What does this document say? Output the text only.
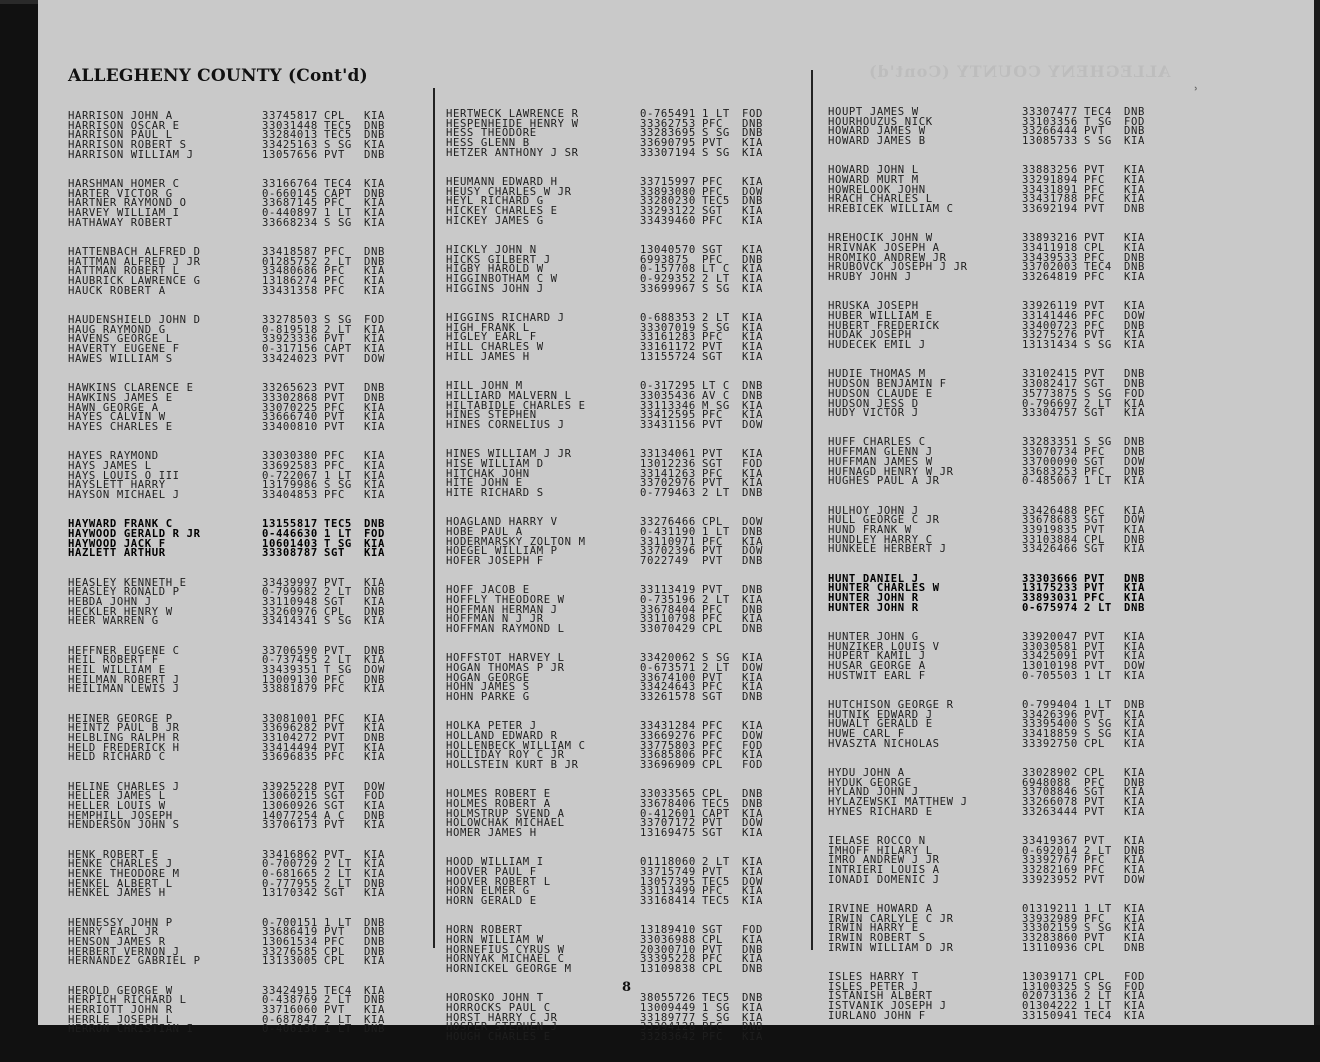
ALLEGHENY COUNTY (Cont'd)	ALLEGHENY COUNTY (Cont'd)
˒
HARRISON JOHN A	33745817 CPL	KIA
HARRISON OSCAR E	33031448 TEC5	DNB
HARRISON PAUL L	33284013 TEC5	DNB
HARRISON ROBERT S	33425163 S SG	KIA
HARRISON WILLIAM J	13057656 PVT	DNB
HARSHMAN HOMER C	33166764 TEC4	KIA
HARTER VICTOR G	0-660145 CAPT	DNB
HARTNER RAYMOND O	33687145 PFC	KIA
HARVEY WILLIAM I	0-440897 1 LT	KIA
HATHAWAY ROBERT	33668234 S SG	KIA
HATTENBACH ALFRED D	33418587 PFC	DNB
HATTMAN ALFRED J JR	01285752 2 LT	DNB
HATTMAN ROBERT L	33480686 PFC	KIA
HAUBRICK LAWRENCE G	13186274 PFC	KIA
HAUCK ROBERT A	33431358 PFC	KIA
HAUDENSHIELD JOHN D	33278503 S SG	FOD
HAUG RAYMOND G	0-819518 2 LT	KIA
HAVENS GEORGE L	33923336 PVT	KIA
HAVERTY EUGENE F	0-317156 CAPT	KIA
HAWES WILLIAM S	33424023 PVT	DOW
HAWKINS CLARENCE E	33265623 PVT	DNB
HAWKINS JAMES E	33302868 PVT	DNB
HAWN GEORGE A	33070225 PFC	KIA
HAYES CALVIN W	33666740 PVT	KIA
HAYES CHARLES E	33400810 PVT	KIA
HAYES RAYMOND	33030380 PFC	KIA
HAYS JAMES L	33692583 PFC	KIA
HAYS LOUIS O III	0-722067 1 LT	KIA
HAYSLETT HARRY	13179986 S SG	KIA
HAYSON MICHAEL J	33404853 PFC	KIA
HAYWARD FRANK C	13155817 TEC5	DNB
HAYWOOD GERALD R JR	0-446630 1 LT	FOD
HAYWOOD JACK F	10601403 T SG	KIA
HAZLETT ARTHUR	33308787 SGT	KIA
HEASLEY KENNETH E	33439997 PVT	KIA
HEASLEY RONALD P	0-799982 2 LT	DNB
HEBDA JOHN J	33110948 SGT	KIA
HECKLER HENRY W	33260976 CPL	DNB
HEER WARREN G	33414341 S SG	KIA
HEFFNER EUGENE C	33706590 PVT	DNB
HEIL ROBERT F	0-737455 2 LT	KIA
HEIL WILLIAM E	33439351 T SG	DOW
HEILMAN ROBERT J	13009130 PFC	DNB
HEILIMAN LEWIS J	33881879 PFC	KIA
HEINER GEORGE P	33081001 PFC	KIA
HEINTZ PAUL B JR	33696282 PVT	KIA
HELBLING RALPH R	33104272 PVT	DNB
HELD FREDERICK H	33414494 PVT	KIA
HELD RICHARD C	33696835 PFC	KIA
HELINE CHARLES J	33925228 PVT	DOW
HELLER JAMES L	13060215 SGT	FOD
HELLER LOUIS W	13060926 SGT	KIA
HEMPHILL JOSEPH	14077254 A C	DNB
HENDERSON JOHN S	33706173 PVT	KIA
HENK ROBERT E	33416862 PVT	KIA
HENKE CHARLES J	0-700729 2 LT	KIA
HENKE THEODORE M	0-681665 2 LT	KIA
HENKEL ALBERT L	0-777955 2 LT	DNB
HENKEL JAMES H	13170342 SGT	KIA
HENNESSY JOHN P	0-700151 1 LT	DNB
HENRY EARL JR	33686419 PVT	DNB
HENSON JAMES R	13061534 PFC	DNB
HERBERT VERNON J	33276585 CPL	DNB
HERNANDEZ GABRIEL P	13133005 CPL	KIA
HEROLD GEORGE W	33424915 TEC4	KIA
HERPICH RICHARD L	0-438769 2 LT	DNB
HERRIOTT JOHN R	33716060 PVT	KIA
HERRLE JOSEPH L	0-687847 2 LT	KIA
HERRON CHRISTIAN I	0-406130 1 LT	DNB
HERTWECK LAWRENCE R	0-765491 1 LT	FOD
HESPENHEIDE HENRY W	33362753 PFC	DNB
HESS THEODORE	33283695 S SG	DNB
HESS GLENN B	33690795 PVT	KIA
HETZER ANTHONY J SR	33307194 S SG	KIA
HEUMANN EDWARD H	33715997 PFC	KIA
HEUSY CHARLES W JR	33893080 PFC	DOW
HEYL RICHARD G	33280230 TEC5	DNB
HICKEY CHARLES E	33293122 SGT	KIA
HICKEY JAMES G	33439460 PFC	KIA
HICKLY JOHN N	13040570 SGT	KIA
HICKS GILBERT J	6993875	PFC	DNB
HIGBY HAROLD W	0-157708 LT C	KIA
HIGGINBOTHAM C W	0-929352 2 LT	KIA
HIGGINS JOHN J	33699967 S SG	KIA
HIGGINS RICHARD J	0-688353 2 LT	KIA
HIGH FRANK L	33307019 S SG	KIA
HIGLEY EARL F	33161283 PFC	KIA
HILL CHARLES W	33161172 PVT	KIA
HILL JAMES H	13155724 SGT	KIA
HILL JOHN M	0-317295 LT C	DNB
HILLIARD MALVERN L	33035436 AV C	DNB
HILTABIDLE CHARLES E	33113346 M SG	KIA
HINES STEPHEN	33412595 PFC	KIA
HINES CORNELIUS J	33431156 PVT	DOW
HINES WILLIAM J JR	33134061 PVT	KIA
HISE WILLIAM D	13012236 SGT	FOD
HITCHAK JOHN	33141263 PFC	KIA
HITE JOHN E	33702976 PVT	KIA
HITE RICHARD S	0-779463 2 LT	DNB
HOAGLAND HARRY V	33276466 CPL	DOW
HOBE PAUL A	0-431190 1 LT	DNB
HODERMARSKY ZOLTON M	33110971 PFC	KIA
HOEGEL WILLIAM P	33702396 PVT	DOW
HOFER JOSEPH F	7022749	PVT	DNB
HOFF JACOB E	33113419 PVT	DNB
HOFFLY THEODORE W	0-735196 2 LT	KIA
HOFFMAN HERMAN J	33678404 PFC	DNB
HOFFMAN N J JR	33110798 PFC	KIA
HOFFMAN RAYMOND L	33070429 CPL	DNB
HOFFSTOT HARVEY L	33420062 S SG	KIA
HOGAN THOMAS P JR	0-673571 2 LT	DOW
HOGAN GEORGE	33674100 PVT	KIA
HOHN JAMES S	33424643 PFC	KIA
HOHN PARKE G	33261578 SGT	DNB
HOLKA PETER J	33431284 PFC	KIA
HOLLAND EDWARD R	33669276 PFC	DOW
HOLLENBECK WILLIAM C	33775803 PFC	FOD
HOLLIDAY ROY C JR	33685806 PFC	KIA
HOLLSTEIN KURT B JR	33696909 CPL	FOD
HOLMES ROBERT E	33033565 CPL	DNB
HOLMES ROBERT A	33678406 TEC5	DNB
HOLMSTRUP SVEND A	0-412601 CAPT	KIA
HOLOWCHAK MICHAEL	33707172 PVT	DOW
HOMER JAMES H	13169475 SGT	KIA
HOOD WILLIAM I	01118060 2 LT	KIA
HOOVER PAUL F	33715749 PVT	KIA
HOOVER ROBERT L	13057395 TEC5	DOW
HORN ELMER G	33113499 PFC	KIA
HORN GERALD E	33168414 TEC5	KIA
HORN ROBERT	13189410 SGT	FOD
HORN WILLIAM W	33036988 CPL	KIA
HORNEFIUS CYRUS W	20300710 PVT	DNB
HORNYAK MICHAEL C	33395228 PFC	KIA
HORNICKEL GEORGE M	13109838 CPL	DNB
HOROSKO JOHN T	38055726 TEC5	DNB
HORROCKS PAUL C	13009449 1 SG	KIA
HORST HARRY C JR	33189777 S SG	KIA
HOSPER STEPHEN J	33394128 PFC	DNB
HOUGH CHARLES E	33283642 PFC	KIA
HOUPT JAMES W	33307477 TEC4	DNB
HOURHOUZUS NICK	33103356 T SG	FOD
HOWARD JAMES W	33266444 PVT	DNB
HOWARD JAMES B	13085733 S SG	KIA
HOWARD JOHN L	33883256 PVT	KIA
HOWARD MURT M	33291894 PFC	KIA
HOWRELOOK JOHN	33431891 PFC	KIA
HRACH CHARLES L	33431788 PFC	KIA
HREBICEK WILLIAM C	33692194 PVT	DNB
HREHOCIK JOHN W	33893216 PVT	KIA
HRIVNAK JOSEPH A	33411918 CPL	KIA
HROMIKO ANDREW JR	33439533 PFC	DNB
HRUBOVCK JOSEPH J JR	33702003 TEC4	DNB
HRUBY JOHN J	33264819 PFC	KIA
HRUSKA JOSEPH	33926119 PVT	KIA
HUBER WILLIAM E	33141446 PFC	DOW
HUBERT FREDERICK	33400723 PFC	DNB
HUDAK JOSEPH	33275276 PVT	KIA
HUDECEK EMIL J	13131434 S SG	KIA
HUDIE THOMAS M	33102415 PVT	DNB
HUDSON BENJAMIN F	33082417 SGT	DNB
HUDSON CLAUDE E	35773875 S SG	FOD
HUDSON JESS D	0-796697 2 LT	KIA
HUDY VICTOR J	33304757 SGT	KIA
HUFF CHARLES C	33283351 S SG	DNB
HUFFMAN GLENN J	33070734 PFC	DNB
HUFFMAN JAMES W	33700090 SGT	DOW
HUFNAGD HENRY W JR	33683253 PFC	DNB
HUGHES PAUL A JR	0-485067 1 LT	KIA
HULHOY JOHN J	33426488 PFC	KIA
HULL GEORGE C JR	33678683 SGT	DOW
HUND FRANK W	33919835 PVT	KIA
HUNDLEY HARRY C	33103884 CPL	DNB
HUNKELE HERBERT J	33426466 SGT	KIA
HUNT DANIEL J	33303666 PVT	DNB
HUNTER CHARLES W	13175233 PVT	KIA
HUNTER JOHN R	33893031 PFC	KIA
HUNTER JOHN R	0-675974 2 LT	DNB
HUNTER JOHN G	33920047 PVT	KIA
HUNZIKER LOUIS V	33030581 PVT	KIA
HUPERT KAMIL J	33425091 PVT	KIA
HUSAR GEORGE A	13010198 PVT	DOW
HUSTWIT EARL F	0-705503 1 LT	KIA
HUTCHISON GEORGE R	0-799404 1 LT	DNB
HUTNIK EDWARD J	33426396 PVT	KIA
HUWALT GERALD E	33395400 S SG	KIA
HUWE CARL F	33418859 S SG	KIA
HVASZTA NICHOLAS	33392750 CPL	KIA
HYDU JOHN A	33028902 CPL	KIA
HYDUK GEORGE	6948088	PFC	DNB
HYLAND JOHN J	33708846 SGT	KIA
HYLAZEWSKI MATTHEW J	33266078 PVT	KIA
HYNES RICHARD E	33263444 PVT	KIA
IELASE ROCCO N	33419367 PVT	KIA
IMHOFF HILARY L	0-692014 2 LT	DNB
IMRO ANDREW J JR	33392767 PFC	KIA
INTRIERI LOUIS A	33282169 PFC	KIA
IONADI DOMENIC J	33923952 PVT	DOW
IRVINE HOWARD A	01319211 1 LT	KIA
IRWIN CARLYLE C JR	33932989 PFC	KIA
IRWIN HARRY E	33302159 S SG	KIA
IRWIN ROBERT S	33283860 PVT	KIA
IRWIN WILLIAM D JR	13110936 CPL	DNB
ISLES HARRY T	13039171 CPL	FOD
ISLES PETER J	13100325 S SG	FOD
ISTANISH ALBERT	02073136 2 LT	KIA
ISTVANIK JOSEPH J	01304222 1 LT	KIA
IURLANO JOHN F	33150941 TEC4	KIA
8
